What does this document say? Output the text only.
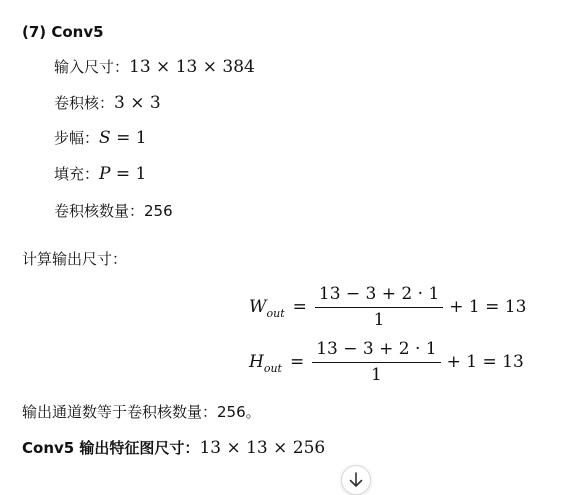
(7) Conv5
输入尺寸：13 × 13 × 384
卷积核：3 × 3
步幅：S = 1
填充：P = 1
卷积核数量：256
计算输出尺寸：
$W_{out} = \frac{13 - 3 + 2 \cdot 1}{1} + 1 = 13$
$H_{out} = \frac{13 - 3 + 2 \cdot 1}{1} + 1 = 13$
输出通道数等于卷积核数量：256。
Conv5 输出特征图尺寸：13 × 13 × 256
